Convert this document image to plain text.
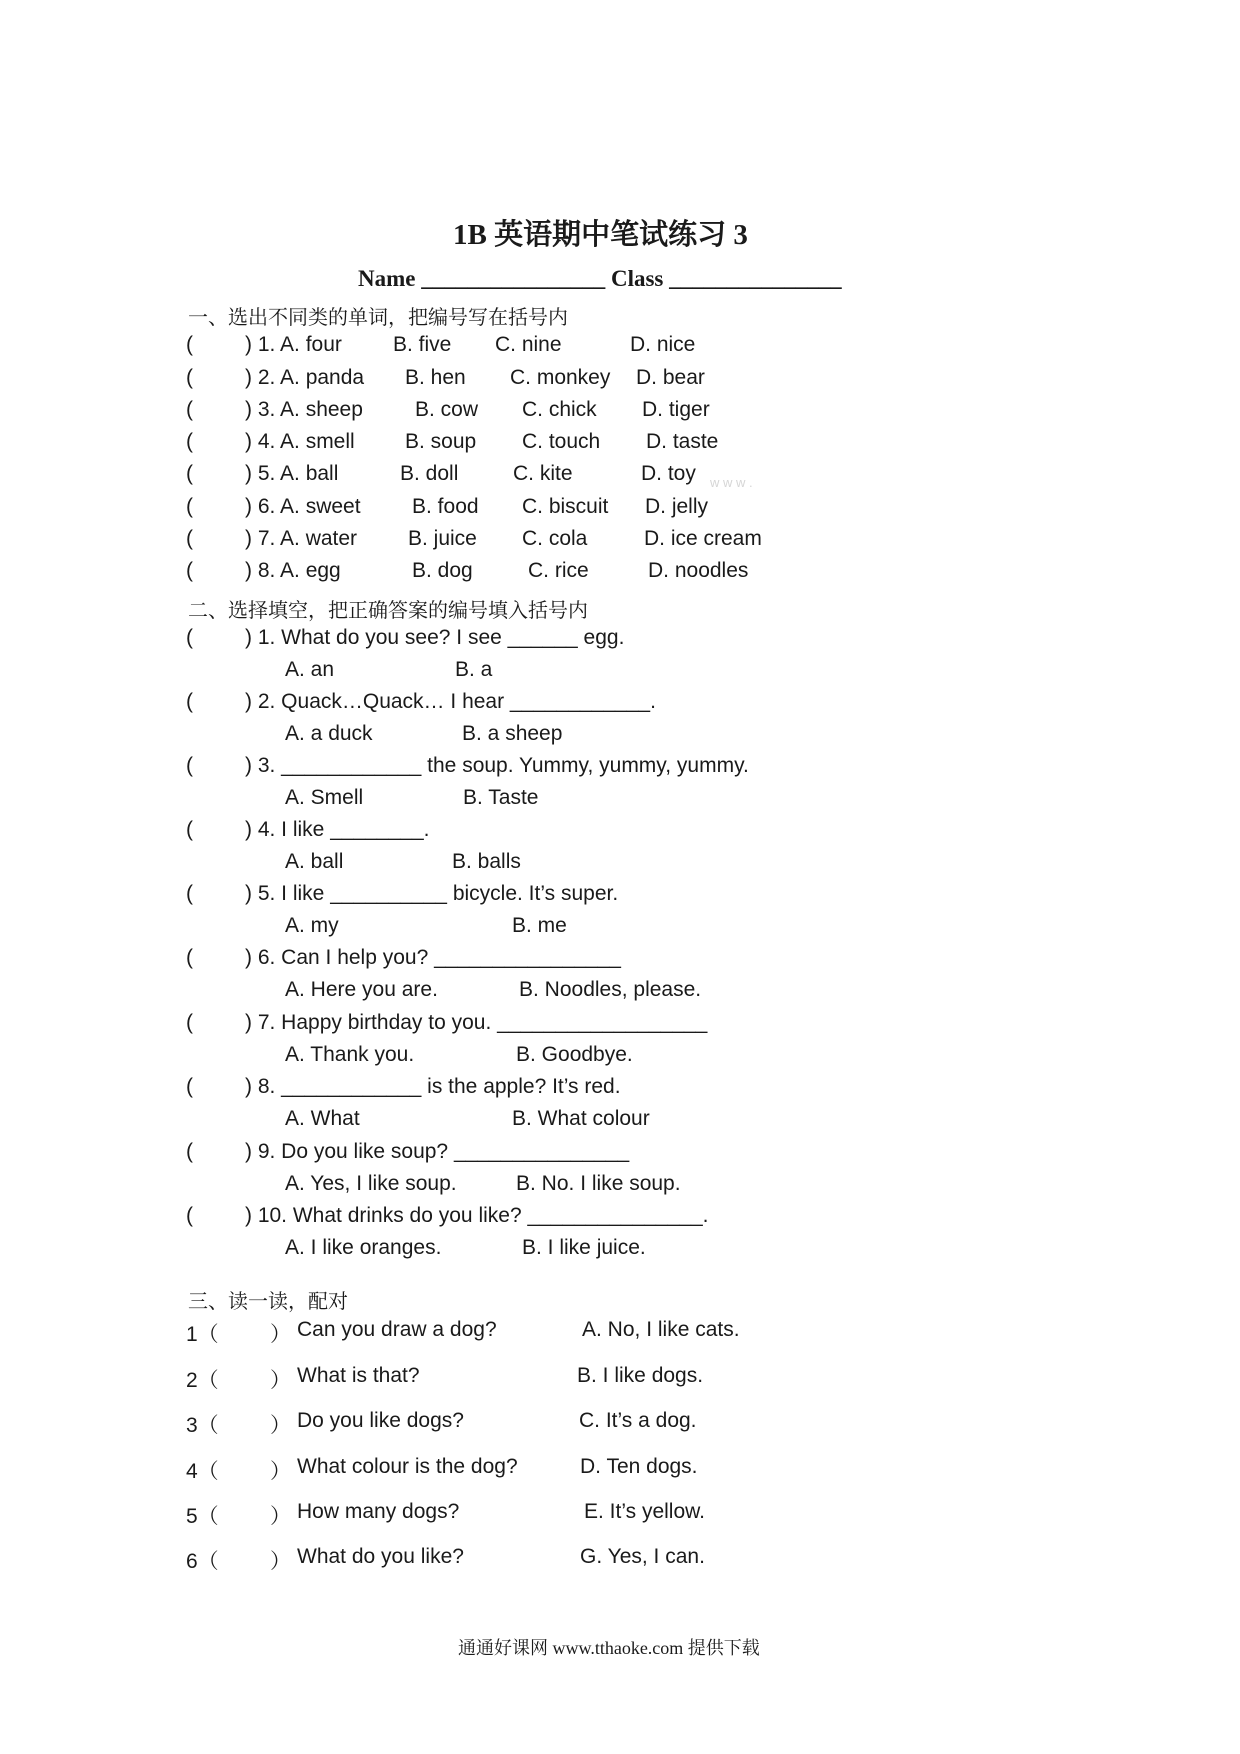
1B 英语期中笔试练习 3
Name ________________ Class _______________
一、选出不同类的单词，把编号写在括号内
( ) 1. A. four B. five C. nine	D. nice
( ) 2. A. panda B. hen C. monkey D. bear
( ) 3. A. sheep B. cow C. chick D. tiger
( ) 4. A. smell B. soup C. touch D. taste
( ) 5. A. ball	B. doll	C. kite	D. toy
( ) 6. A. sweet B. food C. biscuit D. jelly
( ) 7. A. water B. juice C. cola	D. ice cream
( ) 8. A. egg	B. dog	C. rice	D. noodles
w w w .
二、选择填空，把正确答案的编号填入括号内
( ) 1. What do you see? I see ______ egg.
A. an	B. a
( ) 2. Quack…Quack… I hear ____________.
A. a duck	B. a sheep
( ) 3. ____________ the soup. Yummy, yummy, yummy.
A. Smell	B. Taste
( ) 4. I like ________.
A. ball	B. balls
( ) 5. I like __________ bicycle. It’s super.
A. my	B. me
( ) 6. Can I help you? ________________
A. Here you are.	B. Noodles, please.
( ) 7. Happy birthday to you. __________________
A. Thank you.	B. Goodbye.
( ) 8. ____________ is the apple? It’s red.
A. What	B. What colour
( ) 9. Do you like soup? _______________
A. Yes, I like soup.	B. No. I like soup.
( ) 10. What drinks do you like? _______________.
A. I like oranges.	B. I like juice.
三、读一读，配对
1（ ） Can you draw a dog?	A. No, I like cats.
2（ ） What is that?	B. I like dogs.
3（ ） Do you like dogs?	C. It’s a dog.
4（ ） What colour is the dog?	D. Ten dogs.
5（ ） How many dogs?	E. It’s yellow.
6（ ） What do you like?	G. Yes, I can.
通通好课网 www.tthaoke.com 提供下载
